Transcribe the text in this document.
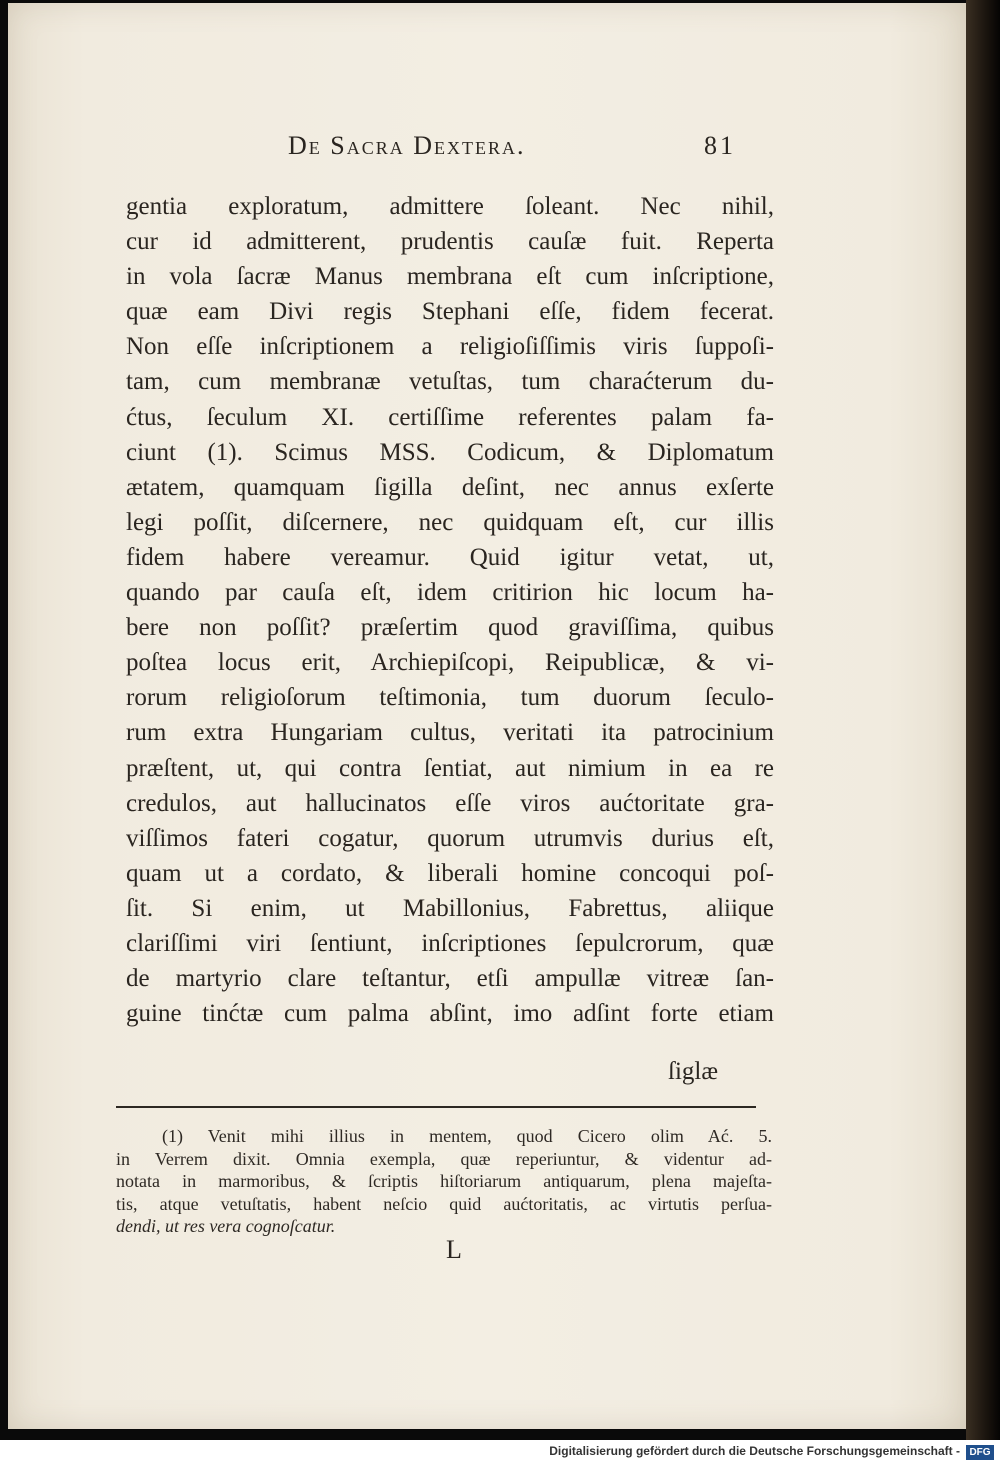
De Sacra Dextera.	81
gentia exploratum, admittere ſoleant. Nec nihil,
cur id admitterent, prudentis cauſæ fuit. Reperta
in vola ſacræ Manus membrana eſt cum inſcriptione,
quæ eam Divi regis Stephani eſſe, fidem fecerat.
Non eſſe inſcriptionem a religioſiſſimis viris ſuppoſi-
tam, cum membranæ vetuſtas, tum charaćterum du-
ćtus, ſeculum XI. certiſſime referentes palam fa-
ciunt (1). Scimus MSS. Codicum, & Diplomatum
ætatem, quamquam ſigilla deſint, nec annus exſerte
legi poſſit, diſcernere, nec quidquam eſt, cur illis
fidem habere vereamur. Quid igitur vetat, ut,
quando par cauſa eſt, idem critirion hic locum ha-
bere non poſſit? præſertim quod graviſſima, quibus
poſtea locus erit, Archiepiſcopi, Reipublicæ, & vi-
rorum religioſorum teſtimonia, tum duorum ſeculo-
rum extra Hungariam cultus, veritati ita patrocinium
præſtent, ut, qui contra ſentiat, aut nimium in ea re
credulos, aut hallucinatos eſſe viros aućtoritate gra-
viſſimos fateri cogatur, quorum utrumvis durius eſt,
quam ut a cordato, & liberali homine concoqui poſ-
ſit. Si enim, ut Mabillonius, Fabrettus, aliique
clariſſimi viri ſentiunt, inſcriptiones ſepulcrorum, quæ
de martyrio clare teſtantur, etſi ampullæ vitreæ ſan-
guine tinćtæ cum palma abſint, imo adſint forte etiam
ſiglæ
(1) Venit mihi illius in mentem, quod Cicero olim Ać. 5.
in Verrem dixit. Omnia exempla, quæ reperiuntur, & videntur ad-
notata in marmoribus, & ſcriptis hiſtoriarum antiquarum, plena majeſta-
tis, atque vetuſtatis, habent neſcio quid aućtoritatis, ac virtutis perſua-
dendi, ut res vera cognoſcatur.
L
Digitalisierung gefördert durch die Deutsche Forschungsgemeinschaft - DFG
